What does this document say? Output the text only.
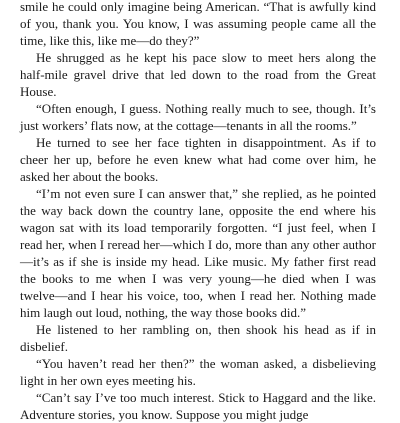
smile he could only imagine being American. “That is awfully kind of you, thank you. You know, I was assuming people came all the time, like this, like me—do they?”

He shrugged as he kept his pace slow to meet hers along the half-mile gravel drive that led down to the road from the Great House.

“Often enough, I guess. Nothing really much to see, though. It’s just workers’ flats now, at the cottage—tenants in all the rooms.”

He turned to see her face tighten in disappointment. As if to cheer her up, before he even knew what had come over him, he asked her about the books.

“I’m not even sure I can answer that,” she replied, as he pointed the way back down the country lane, opposite the end where his wagon sat with its load temporarily forgotten. “I just feel, when I read her, when I reread her—which I do, more than any other author—it’s as if she is inside my head. Like music. My father first read the books to me when I was very young—he died when I was twelve—and I hear his voice, too, when I read her. Nothing made him laugh out loud, nothing, the way those books did.”

He listened to her rambling on, then shook his head as if in disbelief.

“You haven’t read her then?” the woman asked, a disbelieving light in her own eyes meeting his.

“Can’t say I’ve too much interest. Stick to Haggard and the like. Adventure stories, you know. Suppose you might judge
